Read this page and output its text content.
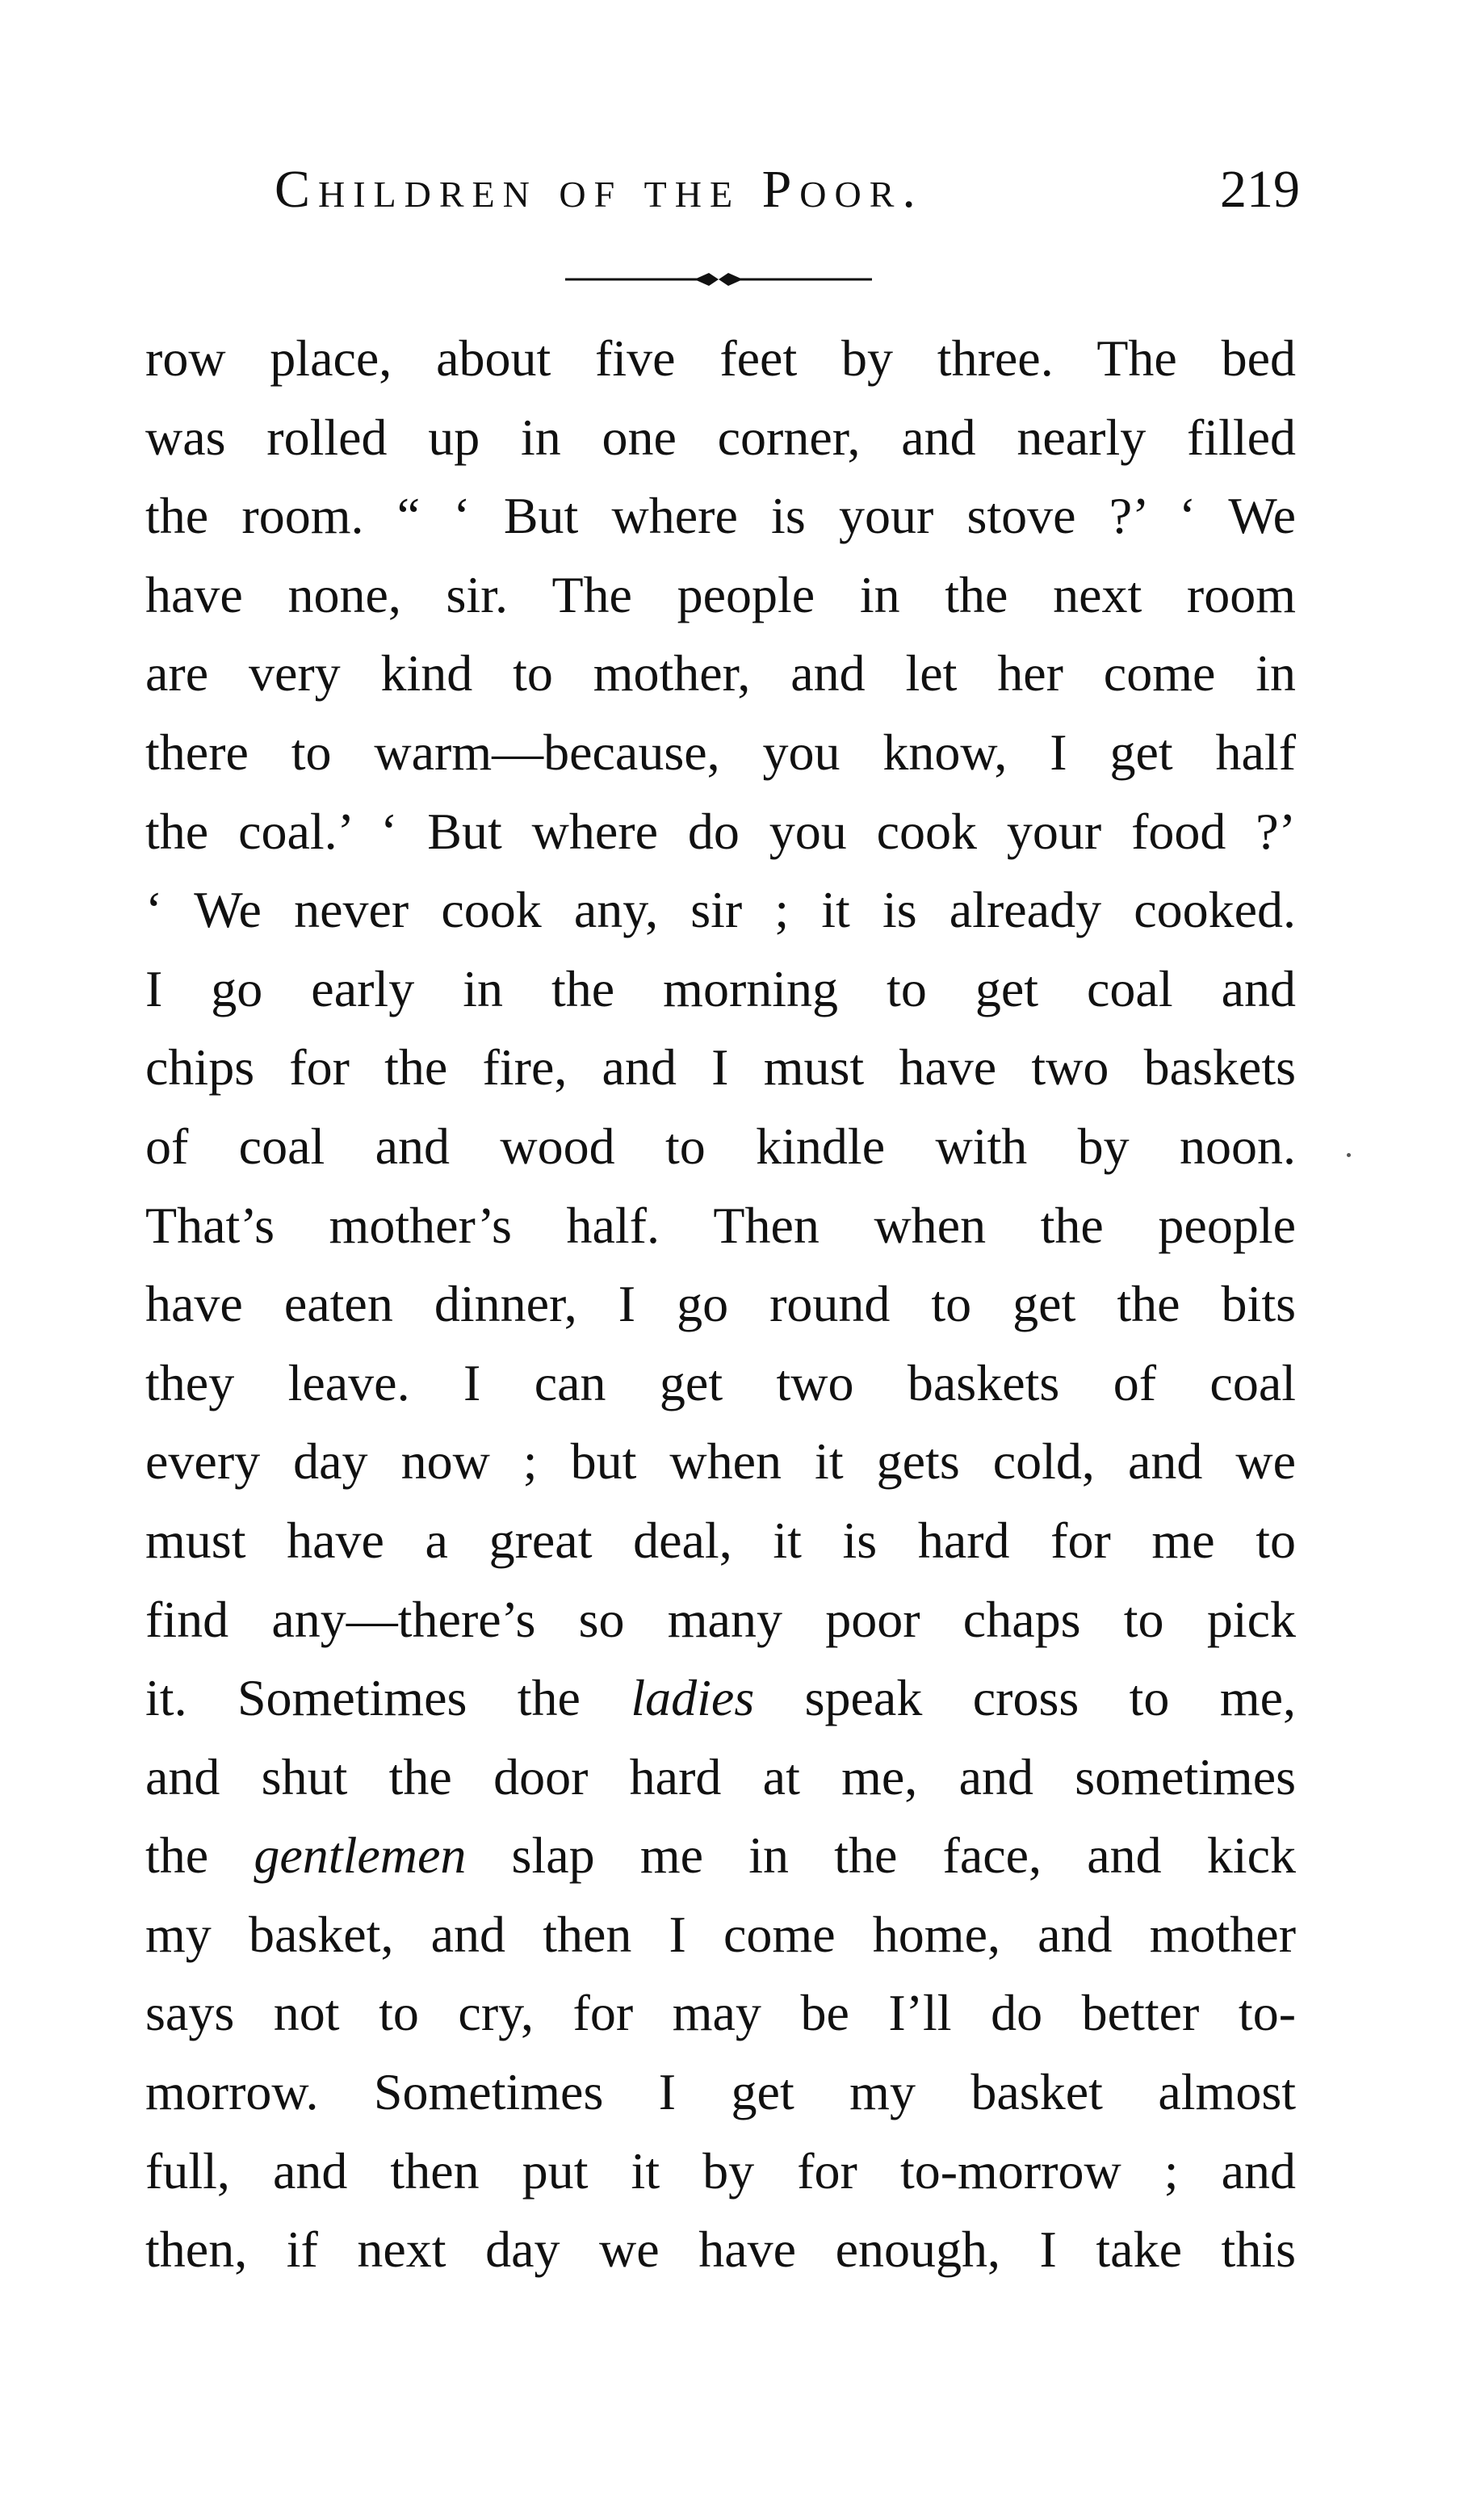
Children of the Poor.	219
row place, about five feet by three. The bed
was rolled up in one corner, and nearly filled
the room. “ ‘ But where is your stove ?’ ‘ We
have none, sir. The people in the next room
are very kind to mother, and let her come in
there to warm—because, you know, I get half
the coal.’ ‘ But where do you cook your food ?’
‘ We never cook any, sir ; it is already cooked.
I go early in the morning to get coal and
chips for the fire, and I must have two baskets
of coal and wood to kindle with by noon.
That’s mother’s half. Then when the people
have eaten dinner, I go round to get the bits
they leave. I can get two baskets of coal
every day now ; but when it gets cold, and we
must have a great deal, it is hard for me to
find any—there’s so many poor chaps to pick
it. Sometimes the ladies speak cross to me,
and shut the door hard at me, and sometimes
the gentlemen slap me in the face, and kick
my basket, and then I come home, and mother
says not to cry, for may be I’ll do better to-
morrow. Sometimes I get my basket almost
full, and then put it by for to-morrow ; and
then, if next day we have enough, I take this
